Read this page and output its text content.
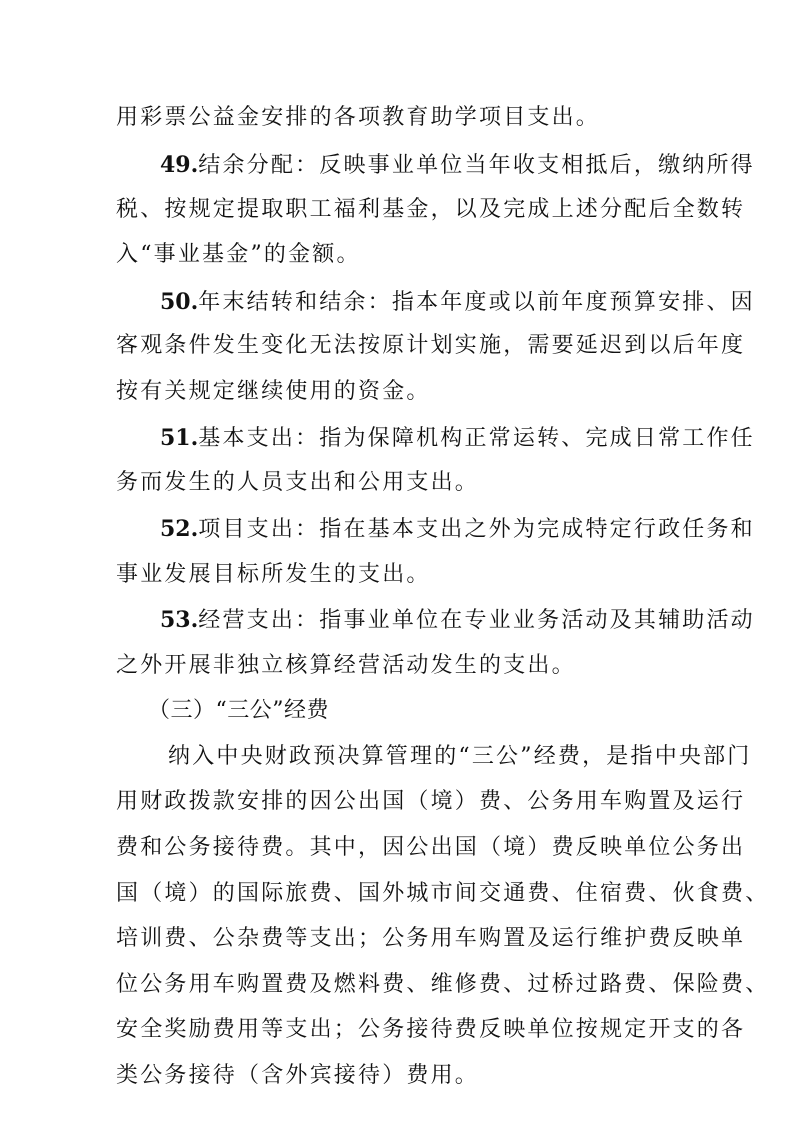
用彩票公益金安排的各项教育助学项目支出。
49.结余分配：反映事业单位当年收支相抵后，缴纳所得
税、按规定提取职工福利基金，以及完成上述分配后全数转
入“事业基金”的金额。
50.年末结转和结余：指本年度或以前年度预算安排、因
客观条件发生变化无法按原计划实施，需要延迟到以后年度
按有关规定继续使用的资金。
51.基本支出：指为保障机构正常运转、完成日常工作任
务而发生的人员支出和公用支出。
52.项目支出：指在基本支出之外为完成特定行政任务和
事业发展目标所发生的支出。
53.经营支出：指事业单位在专业业务活动及其辅助活动
之外开展非独立核算经营活动发生的支出。
（三）“三公”经费
纳入中央财政预决算管理的“三公”经费，是指中央部门
用财政拨款安排的因公出国（境）费、公务用车购置及运行
费和公务接待费。其中，因公出国（境）费反映单位公务出
国（境）的国际旅费、国外城市间交通费、住宿费、伙食费、
培训费、公杂费等支出；公务用车购置及运行维护费反映单
位公务用车购置费及燃料费、维修费、过桥过路费、保险费、
安全奖励费用等支出；公务接待费反映单位按规定开支的各
类公务接待（含外宾接待）费用。
